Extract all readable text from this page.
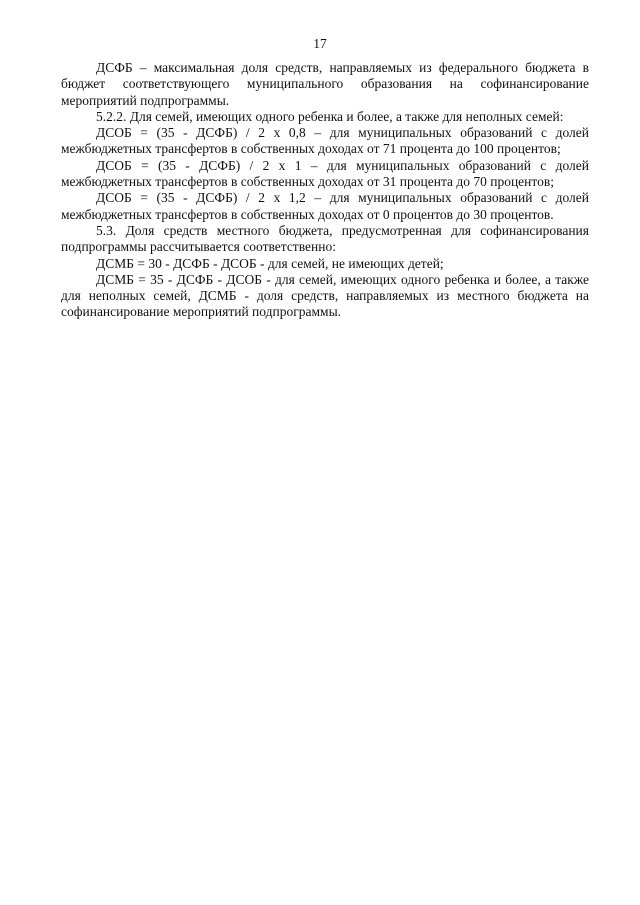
17

ДСФБ – максимальная доля средств, направляемых из федерального бюджета в бюджет соответствующего муниципального образования на софинансирование мероприятий подпрограммы.

5.2.2. Для семей, имеющих одного ребенка и более, а также для неполных семей:

ДСОБ = (35 - ДСФБ) / 2 х 0,8 – для муниципальных образований с долей межбюджетных трансфертов в собственных доходах от 71 процента до 100 процентов;

ДСОБ = (35 - ДСФБ) / 2 х 1 – для муниципальных образований с долей межбюджетных трансфертов в собственных доходах от 31 процента до 70 процентов;

ДСОБ = (35 - ДСФБ) / 2 х 1,2 – для муниципальных образований с долей межбюджетных трансфертов в собственных доходах от 0 процентов до 30 процентов.

5.3. Доля средств местного бюджета, предусмотренная для софинансирования подпрограммы рассчитывается соответственно:

ДСМБ = 30 - ДСФБ - ДСОБ - для семей, не имеющих детей;

ДСМБ = 35 - ДСФБ - ДСОБ - для семей, имеющих одного ребенка и более, а также для неполных семей, ДСМБ - доля средств, направляемых из местного бюджета на софинансирование мероприятий подпрограммы.
